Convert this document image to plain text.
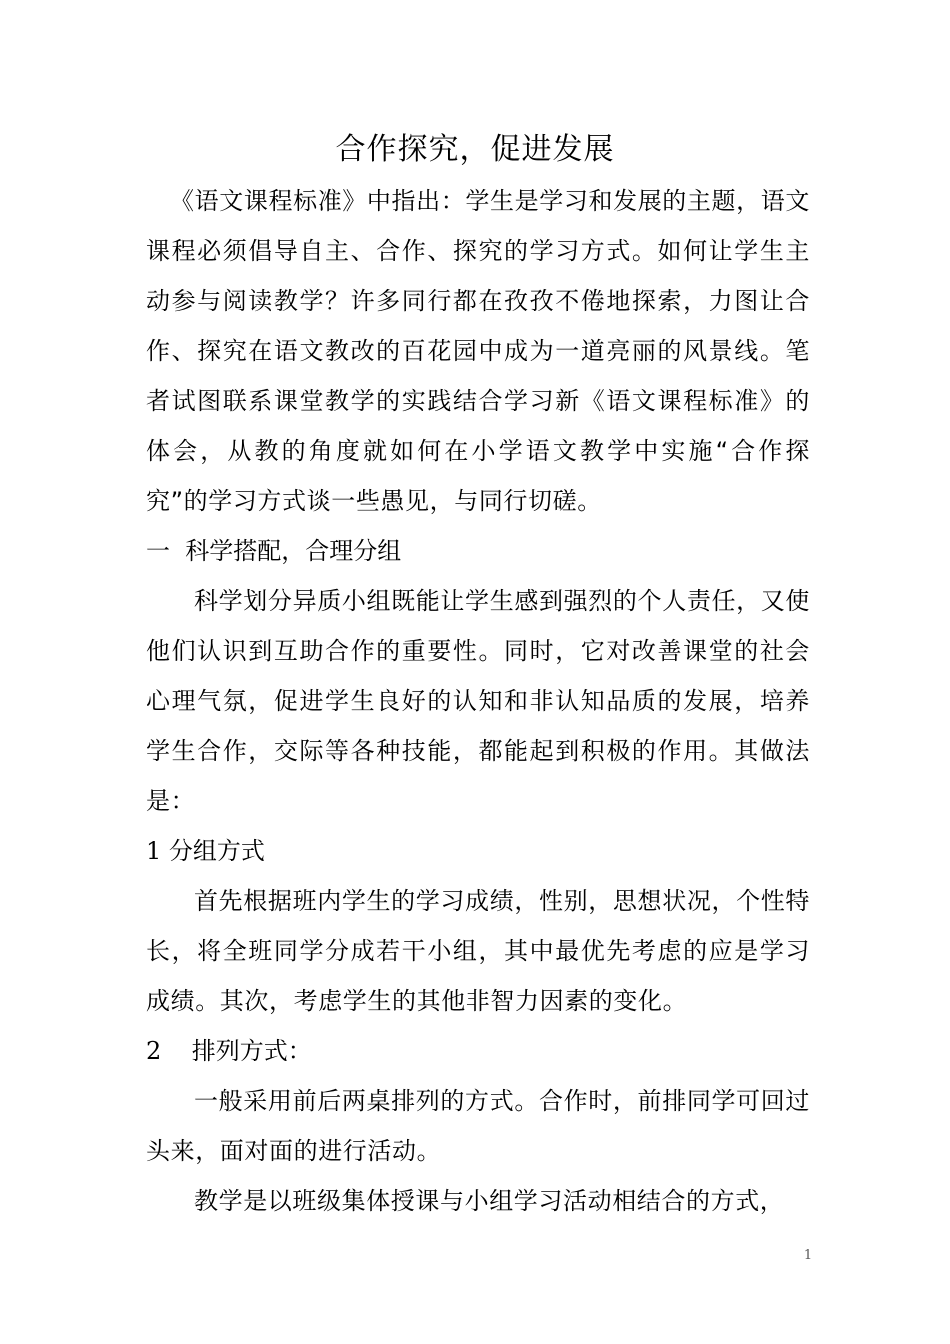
合作探究，促进发展

《语文课程标准》中指出：学生是学习和发展的主题，语文课程必须倡导自主、合作、探究的学习方式。如何让学生主动参与阅读教学？许多同行都在孜孜不倦地探索，力图让合作、探究在语文教改的百花园中成为一道亮丽的风景线。笔者试图联系课堂教学的实践结合学习新《语文课程标准》的体会，从教的角度就如何在小学语文教学中实施“合作探究”的学习方式谈一些愚见，与同行切磋。

一  科学搭配，合理分组

科学划分异质小组既能让学生感到强烈的个人责任，又使他们认识到互助合作的重要性。同时，它对改善课堂的社会心理气氛，促进学生良好的认知和非认知品质的发展，培养学生合作，交际等各种技能，都能起到积极的作用。其做法是：

1 分组方式

首先根据班内学生的学习成绩，性别，思想状况，个性特长，将全班同学分成若干小组，其中最优先考虑的应是学习成绩。其次，考虑学生的其他非智力因素的变化。

2 排列方式：

一般采用前后两桌排列的方式。合作时，前排同学可回过头来，面对面的进行活动。

教学是以班级集体授课与小组学习活动相结合的方式，

1
